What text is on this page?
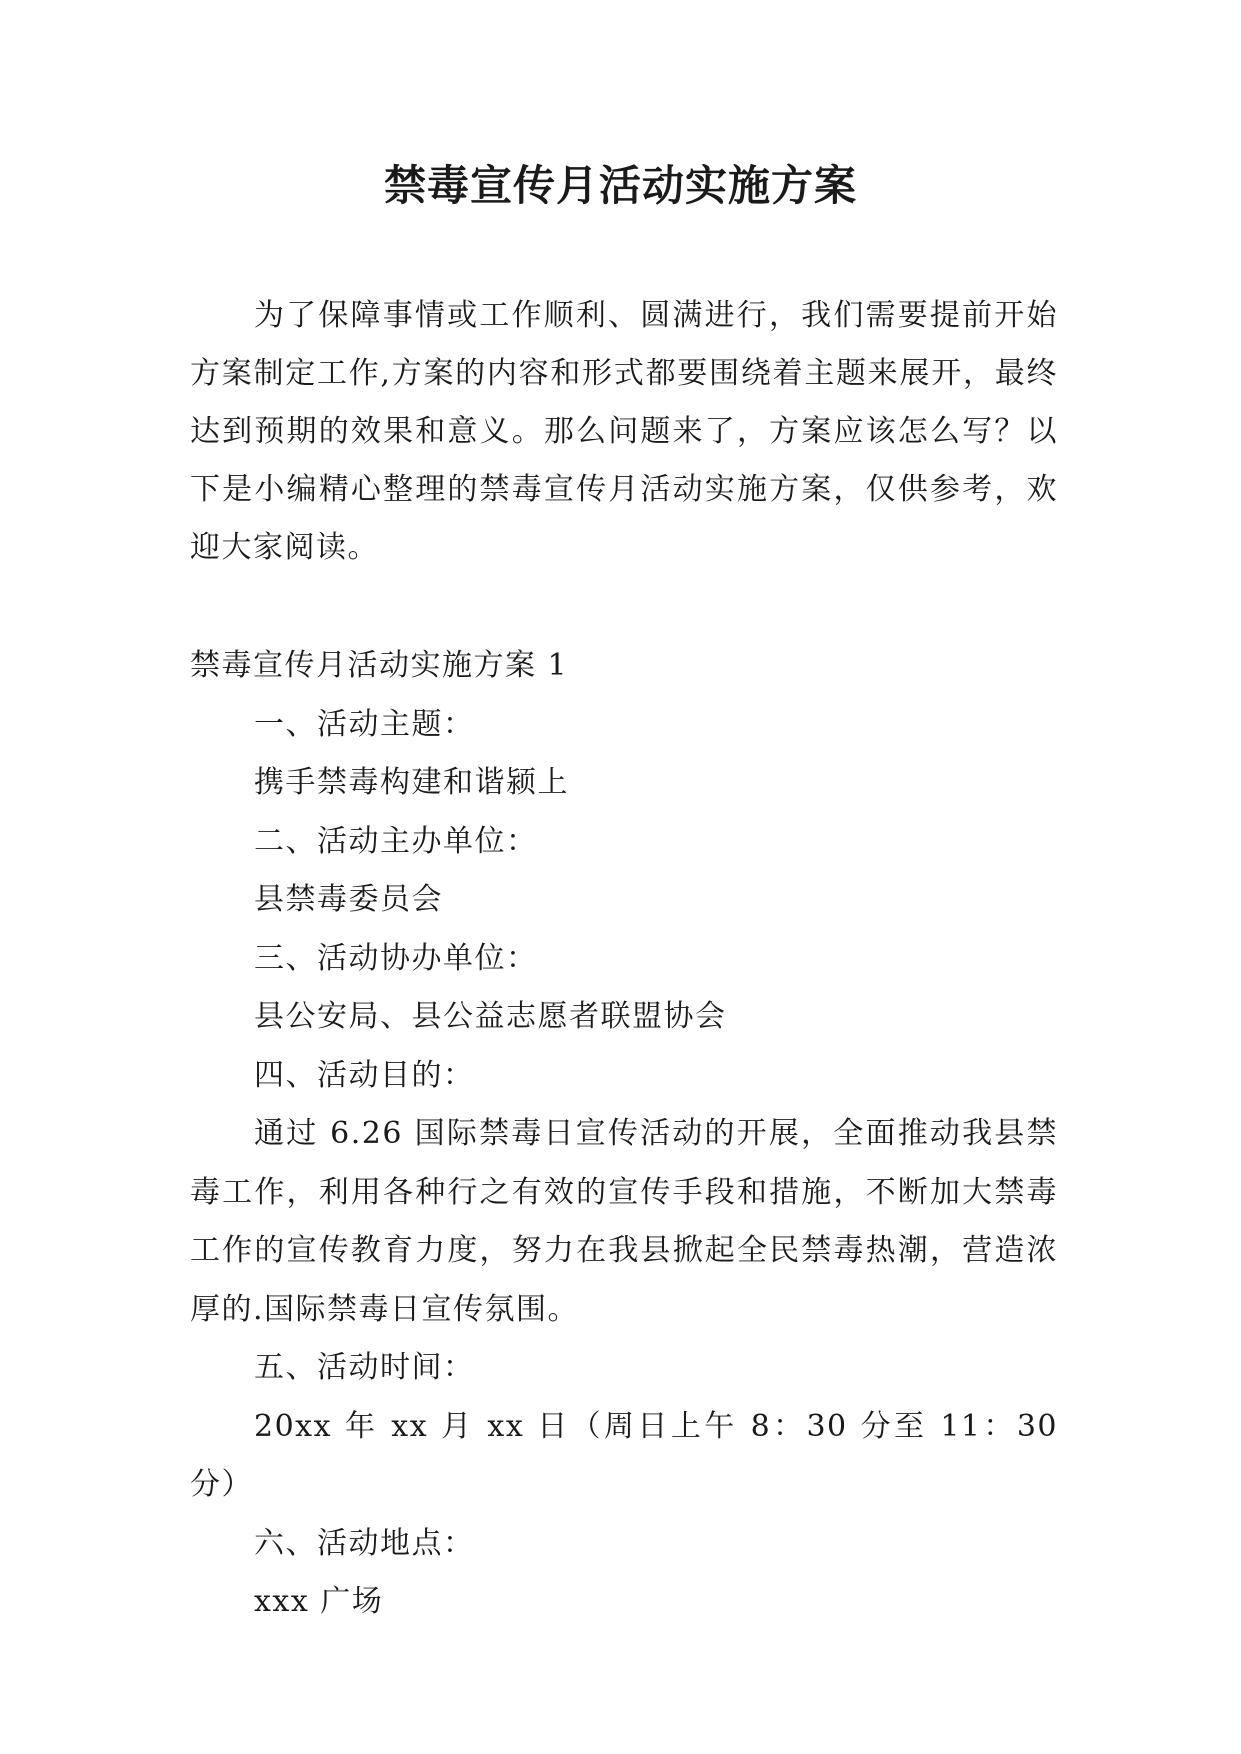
禁毒宣传月活动实施方案

为了保障事情或工作顺利、圆满进行，我们需要提前开始方案制定工作,方案的内容和形式都要围绕着主题来展开，最终达到预期的效果和意义。那么问题来了，方案应该怎么写？以下是小编精心整理的禁毒宣传月活动实施方案，仅供参考，欢迎大家阅读。

禁毒宣传月活动实施方案 1

一、活动主题：

携手禁毒构建和谐颍上

二、活动主办单位：

县禁毒委员会

三、活动协办单位：

县公安局、县公益志愿者联盟协会

四、活动目的：

通过 6.26 国际禁毒日宣传活动的开展，全面推动我县禁毒工作，利用各种行之有效的宣传手段和措施，不断加大禁毒工作的宣传教育力度，努力在我县掀起全民禁毒热潮，营造浓厚的.国际禁毒日宣传氛围。

五、活动时间：

20xx 年 xx 月 xx 日（周日上午 8：30 分至 11：30 分）

六、活动地点：

xxx 广场
